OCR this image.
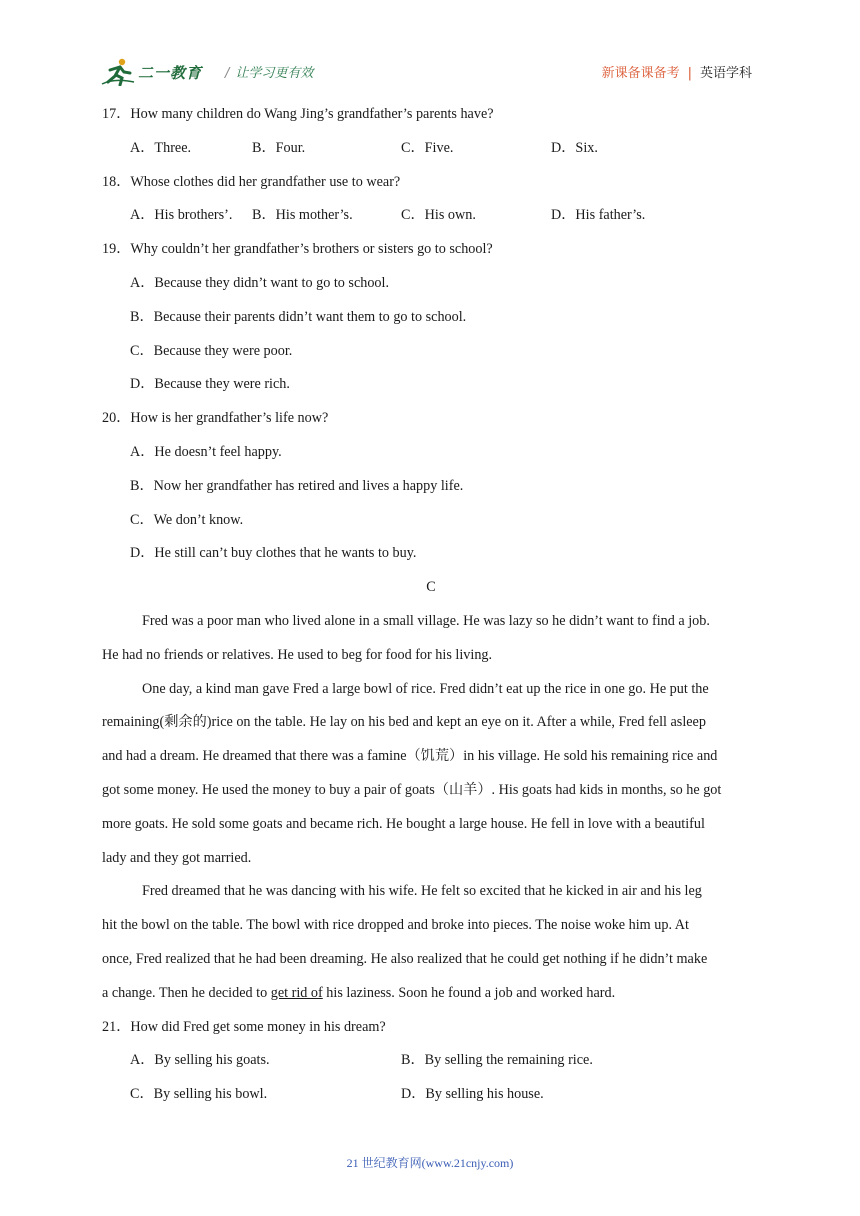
二一教育 / 让学习更有效	新课备课备考 | 英语学科
17．How many children do Wang Jing’s grandfather’s parents have?
A．Three.	B．Four.	C．Five.	D．Six.
18．Whose clothes did her grandfather use to wear?
A．His brothers’. B．His mother’s.	C．His own.	D．His father’s.
19．Why couldn’t her grandfather’s brothers or sisters go to school?
A．Because they didn’t want to go to school.
B．Because their parents didn’t want them to go to school.
C．Because they were poor.
D．Because they were rich.
20．How is her grandfather’s life now?
A．He doesn’t feel happy.
B．Now her grandfather has retired and lives a happy life.
C．We don’t know.
D．He still can’t buy clothes that he wants to buy.
C
Fred was a poor man who lived alone in a small village. He was lazy so he didn’t want to find a job.
He had no friends or relatives. He used to beg for food for his living.
One day, a kind man gave Fred a large bowl of rice. Fred didn’t eat up the rice in one go. He put the
remaining(剩余的)rice on the table. He lay on his bed and kept an eye on it. After a while, Fred fell asleep
and had a dream. He dreamed that there was a famine（饥荒）in his village. He sold his remaining rice and
got some money. He used the money to buy a pair of goats（山羊）. His goats had kids in months, so he got
more goats. He sold some goats and became rich. He bought a large house. He fell in love with a beautiful
lady and they got married.
Fred dreamed that he was dancing with his wife. He felt so excited that he kicked in air and his leg
hit the bowl on the table. The bowl with rice dropped and broke into pieces. The noise woke him up. At
once, Fred realized that he had been dreaming. He also realized that he could get nothing if he didn’t make
a change. Then he decided to get rid of his laziness. Soon he found a job and worked hard.
21．How did Fred get some money in his dream?
A．By selling his goats.	B．By selling the remaining rice.
C．By selling his bowl.	D．By selling his house.
21 世纪教育网(www.21cnjy.com)
